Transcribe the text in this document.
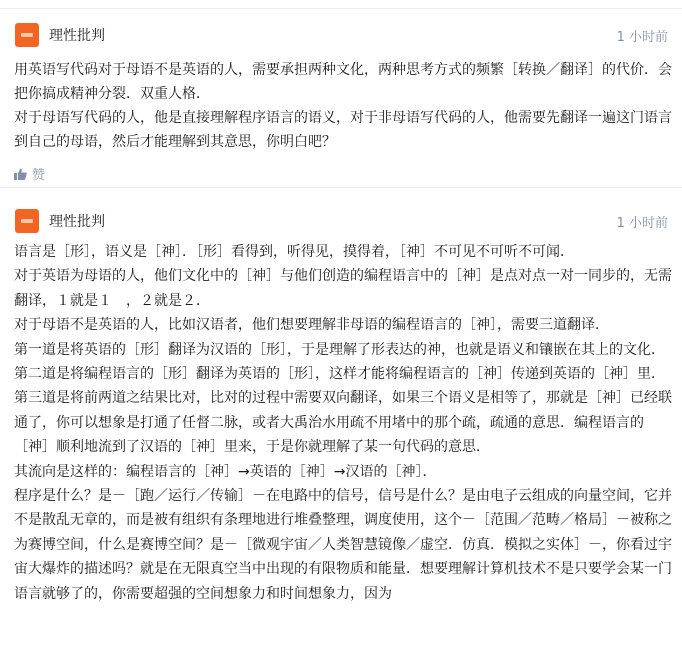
理性批判	1 小时前

用英语写代码对于母语不是英语的人，需要承担两种文化，两种思考方式的频繁［转换／翻译］的代价．会把你搞成精神分裂．双重人格．

对于母语写代码的人，他是直接理解程序语言的语义，对于非母语写代码的人，他需要先翻译一遍这门语言到自己的母语，然后才能理解到其意思，你明白吧？

赞
理性批判	1 小时前

语言是［形］，语义是［神］．［形］看得到，听得见，摸得着，［神］不可见不可听不可闻．

对于英语为母语的人，他们文化中的［神］与他们创造的编程语言中的［神］是点对点一对一同步的，无需翻译，１就是１　，２就是２．

对于母语不是英语的人，比如汉语者，他们想要理解非母语的编程语言的［神］，需要三道翻译．

第一道是将英语的［形］翻译为汉语的［形］，于是理解了形表达的神，也就是语义和镶嵌在其上的文化．

第二道是将编程语言的［形］翻译为英语的［形］，这样才能将编程语言的［神］传递到英语的［神］里．

第三道是将前两道之结果比对，比对的过程中需要双向翻译，如果三个语义是相等了，那就是［神］已经联通了，你可以想象是打通了任督二脉，或者大禹治水用疏不用堵中的那个疏，疏通的意思．编程语言的［神］顺利地流到了汉语的［神］里来，于是你就理解了某一句代码的意思．

其流向是这样的：编程语言的［神］→英语的［神］→汉语的［神］．

程序是什么？是－［跑／运行／传输］－在电路中的信号，信号是什么？是由电子云组成的向量空间，它并不是散乱无章的，而是被有组织有条理地进行堆叠整理，调度使用，这个－［范围／范畴／格局］－被称之为赛博空间，什么是赛博空间？是－［微观宇宙／人类智慧镜像／虚空．仿真．模拟之实体］－，你看过宇宙大爆炸的描述吗？就是在无限真空当中出现的有限物质和能量．想要理解计算机技术不是只要学会某一门语言就够了的，你需要超强的空间想象力和时间想象力，因为
